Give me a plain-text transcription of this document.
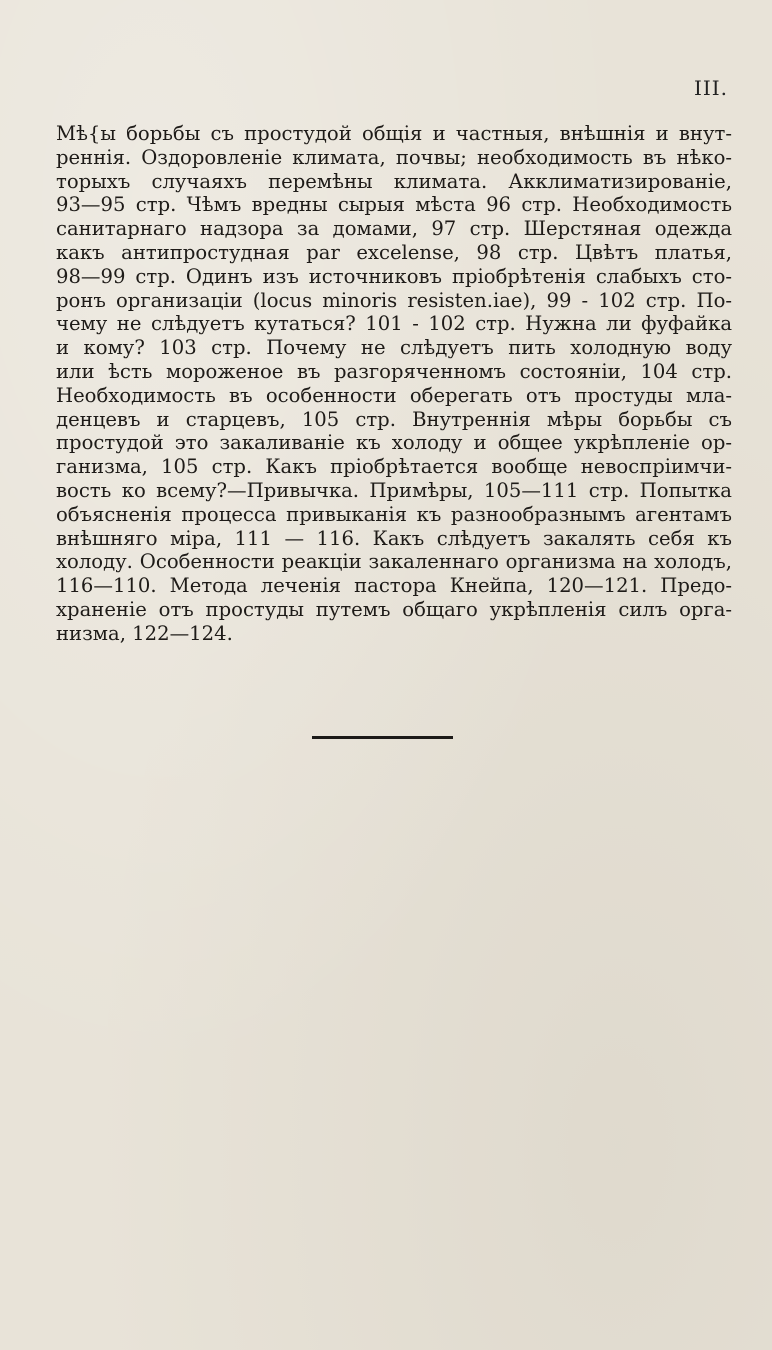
III.
Мѣ{ы борьбы съ простудой общія и частныя, внѣшнія и внут-
реннія. Оздоровленіе климата, почвы; необходимость въ нѣко-
торыхъ случаяхъ перемѣны климата. Акклиматизированіе,
93—95 стр. Чѣмъ вредны сырыя мѣста 96 стр. Необходимость
санитарнаго надзора за домами, 97 стр. Шерстяная одежда
какъ антипростудная par excelense, 98 стр. Цвѣтъ платья,
98—99 стр. Одинъ изъ источниковъ пріобрѣтенія слабыхъ сто-
ронъ организаціи (locus minoris resisten.iae), 99 - 102 стр. По-
чему не слѣдуетъ кутаться? 101 - 102 стр. Нужна ли фуфайка
и кому? 103 стр. Почему не слѣдуетъ пить холодную воду
или ѣсть мороженое въ разгоряченномъ состояніи, 104 стр.
Необходимость въ особенности оберегать отъ простуды мла-
денцевъ и старцевъ, 105 стр. Внутреннія мѣры борьбы съ
простудой это закаливаніе къ холоду и общее укрѣпленіе ор-
ганизма, 105 стр. Какъ пріобрѣтается вообще невоспріимчи-
вость ко всему?—Привычка. Примѣры, 105—111 стр. Попытка
объясненія процесса привыканія къ разнообразнымъ агентамъ
внѣшняго міра, 111 — 116. Какъ слѣдуетъ закалять себя къ
холоду. Особенности реакціи закаленнаго организма на холодъ,
116—110. Метода леченія пастора Кнейпа, 120—121. Предо-
храненіе отъ простуды путемъ общаго укрѣпленія силъ орга-
низма, 122—124.
